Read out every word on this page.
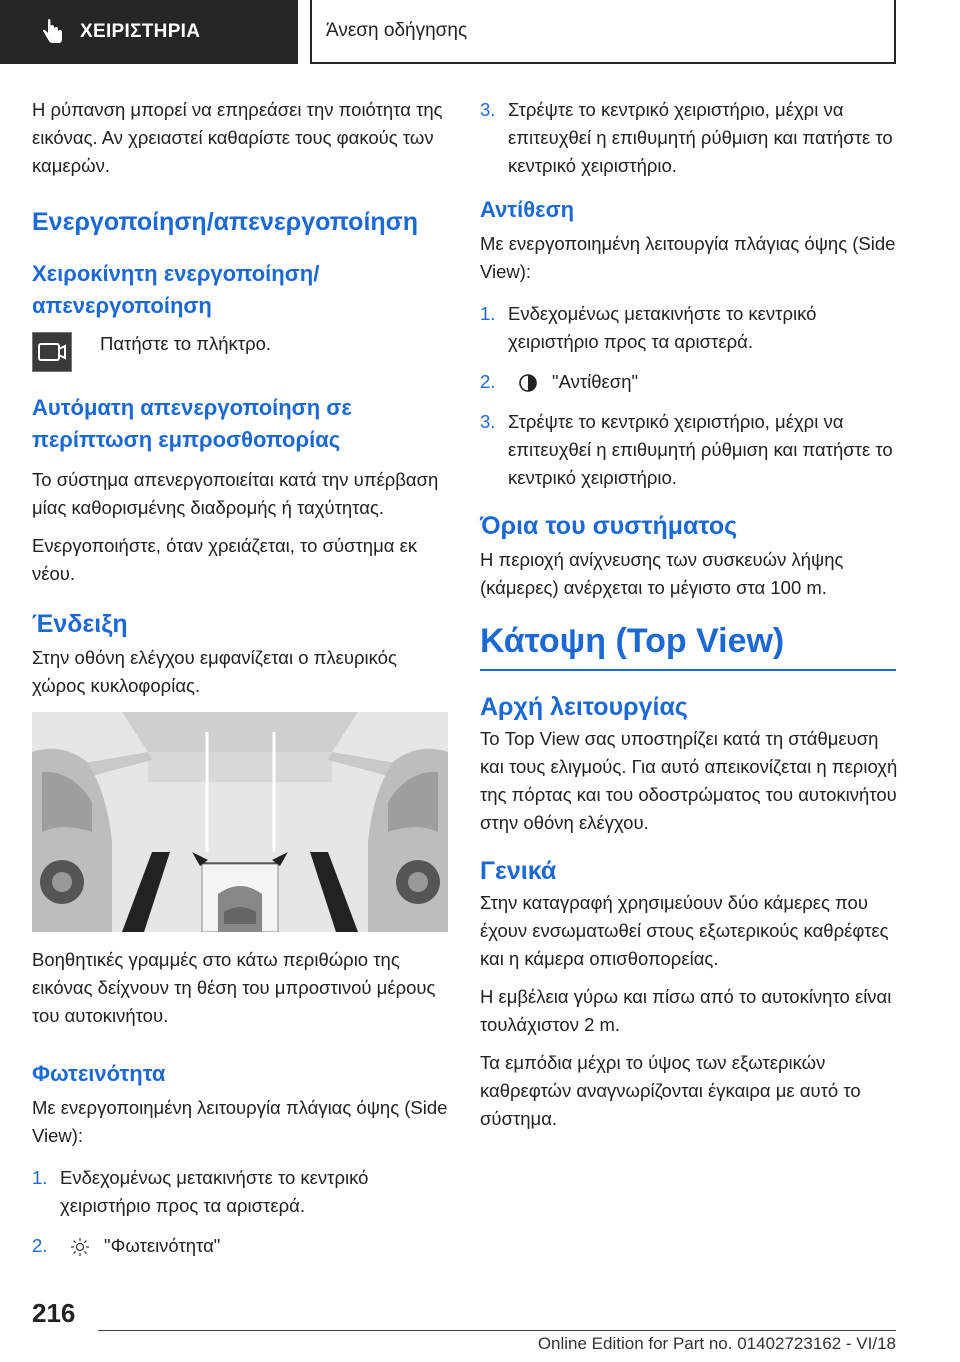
ΧΕΙΡΙΣΤΗΡΙΑ	Άνεση οδήγησης

Η ρύπανση μπορεί να επηρεάσει την ποιότητα της εικόνας. Αν χρειαστεί καθαρίστε τους φακούς των καμερών.

Ενεργοποίηση/απενεργοποίηση
Χειροκίνητη ενεργοποίηση/ απενεργοποίηση
Πατήστε το πλήκτρο.
Αυτόματη απενεργοποίηση σε περίπτωση εμπροσθοπορίας

Το σύστημα απενεργοποιείται κατά την υπέρβαση μίας καθορισμένης διαδρομής ή ταχύτητας.

Ενεργοποιήστε, όταν χρειάζεται, το σύστημα εκ νέου.

Ένδειξη

Στην οθόνη ελέγχου εμφανίζεται ο πλευρικός χώρος κυκλοφορίας.

Βοηθητικές γραμμές στο κάτω περιθώριο της εικόνας δείχνουν τη θέση του μπροστινού μέρους του αυτοκινήτου.

Φωτεινότητα

Με ενεργοποιημένη λειτουργία πλάγιας όψης (Side View):

1. Ενδεχομένως μετακινήστε το κεντρικό χειριστήριο προς τα αριστερά.
2.	"Φωτεινότητα"
3. Στρέψτε το κεντρικό χειριστήριο, μέχρι να επιτευχθεί η επιθυμητή ρύθμιση και πατήστε το κεντρικό χειριστήριο.
Αντίθεση

Με ενεργοποιημένη λειτουργία πλάγιας όψης (Side View):

1. Ενδεχομένως μετακινήστε το κεντρικό χειριστήριο προς τα αριστερά.
2.	"Αντίθεση"
3. Στρέψτε το κεντρικό χειριστήριο, μέχρι να επιτευχθεί η επιθυμητή ρύθμιση και πατήστε το κεντρικό χειριστήριο.
Όρια του συστήματος

Η περιοχή ανίχνευσης των συσκευών λήψης (κάμερες) ανέρχεται το μέγιστο στα 100 m.

Κάτοψη (Top View)
Αρχή λειτουργίας

Το Top View σας υποστηρίζει κατά τη στάθμευση και τους ελιγμούς. Για αυτό απεικονίζεται η περιοχή της πόρτας και του οδοστρώματος του αυτοκινήτου στην οθόνη ελέγχου.

Γενικά

Στην καταγραφή χρησιμεύουν δύο κάμερες που έχουν ενσωματωθεί στους εξωτερικούς καθρέφτες και η κάμερα οπισθοπορείας.

Η εμβέλεια γύρω και πίσω από το αυτοκίνητο είναι τουλάχιστον 2 m.

Τα εμπόδια μέχρι το ύψος των εξωτερικών καθρεφτών αναγνωρίζονται έγκαιρα με αυτό το σύστημα.

216
Online Edition for Part no. 01402723162 - VI/18
